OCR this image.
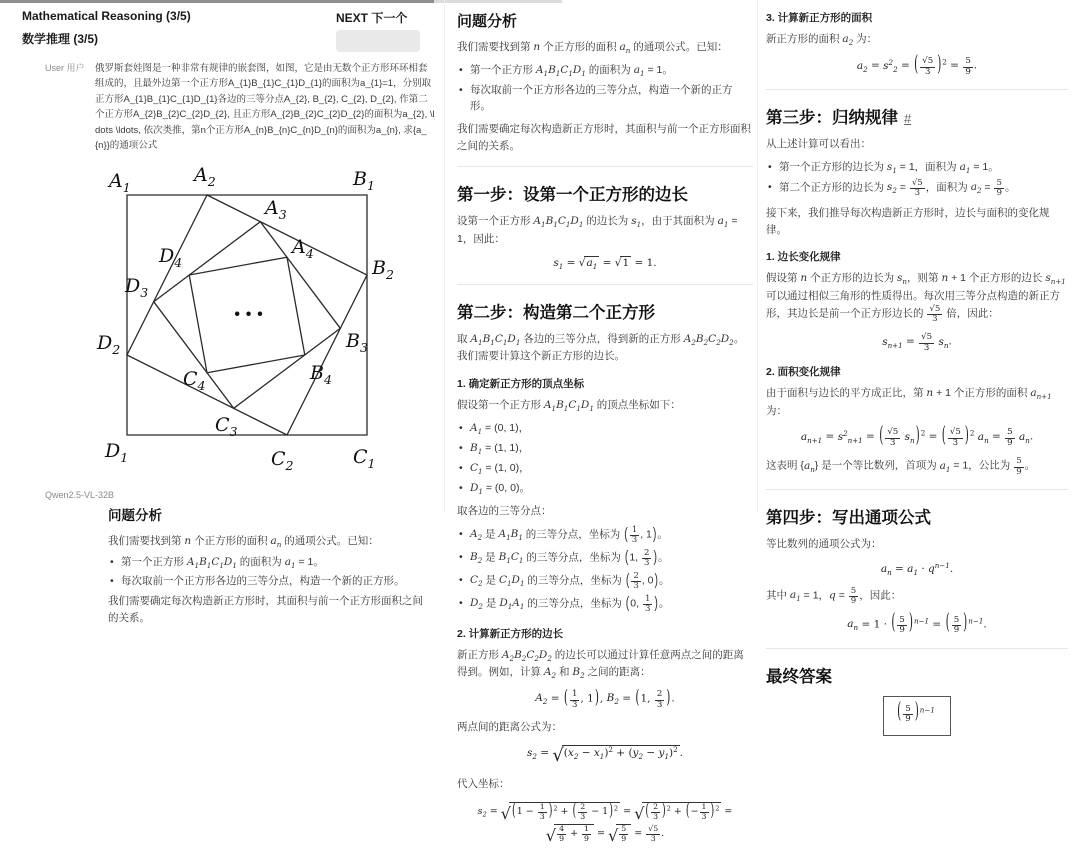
Mathematical Reasoning (3/5)
数学推理 (3/5)
NEXT 下一个
User 用户	俄罗斯套娃图是一种非常有规律的嵌套图，如图，它是由无数个正方形环环相套组成的，且最外边第一个正方形A_{1}B_{1}C_{1}D_{1}的面积为a_{1}=1，分别取正方形A_{1}B_{1}C_{1}D_{1}各边的三等分点A_{2}, B_{2}, C_{2}, D_{2}, 作第二个正方形A_{2}B_{2}C_{2}D_{2}, 且正方形A_{2}B_{2}C_{2}D_{2}的面积为a_{2}, \ldots \ldots, 依次类推，第n个正方形A_{n}B_{n}C_{n}D_{n}的面积为a_{n}, 求{a_{n}}的通项公式
$A_1$
$A_2$	$B_1$
$A_3$
$A_4$
$B_2$
$D_4$
$D_3$
$D_2$	$B_3$
$C_4$
$B_4$
$C_3$
$D_1$	$C_2$	$C_1$
···
Qwen2.5-VL-32B
问题分析
我们需要找到第 n 个正方形的面积 $a_n$ 的通项公式。已知：
• 第一个正方形 $A_1B_1C_1D_1$ 的面积为 $a_1 = 1$。
• 每次取前一个正方形各边的三等分点，构造一个新的正方形。
我们需要确定每次构造新正方形时，其面积与前一个正方形面积之间的关系。
问题分析
我们需要找到第 n 个正方形的面积 $a_n$ 的通项公式。已知：
• 第一个正方形 $A_1B_1C_1D_1$ 的面积为 $a_1 = 1$。
• 每次取前一个正方形各边的三等分点，构造一个新的正方形。
我们需要确定每次构造新正方形时，其面积与前一个正方形面积之间的关系。
第一步：设第一个正方形的边长
设第一个正方形 $A_1B_1C_1D_1$ 的边长为 $s_1$，由于其面积为 $a_1 = 1$，因此：
$s_1 = √a_1 = √1 = 1$.
第二步：构造第二个正方形
取 $A_1B_1C_1D_1$ 各边的三等分点，得到新的正方形 $A_2B_2C_2D_2$。我们需要计算这个新正方形的边长。
1. 确定新正方形的顶点坐标
假设第一个正方形 $A_1B_1C_1D_1$ 的顶点坐标如下：
• $A_1 = (0$, 1)，
• $B_1 = (1$, 1)，
• $C_1 = (1$, 0)，
• $D_1 = (0$, 0)。
取各边的三等分点：
• $A_2$ 是 $A_1B_1$ 的三等分点，坐标为 ( $\frac{1}{3}$ , 1)。
• $B_2$ 是 $B_1C_1$ 的三等分点，坐标为 (1, $\frac{2}{3}$ )。
• $C_2$ 是 $C_1D_1$ 的三等分点，坐标为 ( $\frac{2}{3}$ , 0)。
• $D_2$ 是 $D_1A_1$ 的三等分点，坐标为 (0, $\frac{1}{3}$ )。
2. 计算新正方形的边长
新正方形 $A_2B_2C_2D_2$ 的边长可以通过计算任意两点之间的距离得到。例如，计算 $A_2$ 和 $B_2$ 之间的距离：
$A_2$ = ( $\frac{1}{3}$ , 1), $B_2 = (1$, $\frac{2}{3}$ ).
两点间的距离公式为：
$s_2 = √(x_2 - x_1)^2 + (y_2 - y_1)^2$ .
代入坐标：
$s_2 = √(1 - \frac{1}{3} )^2$ + ( $\frac{2}{3} - 1)^2$ = √( $\frac{2}{3} )^2$ + (− $\frac{1}{3} )^2$ = √ $\frac{4}{9} + \frac{1}{9}$ = √ $\frac{5}{9} = \frac{√5}{3}$ .
3. 计算新正方形的面积
新正方形的面积 $a_2$ 为：
$a_2 = s^2_2$ = ( $\frac{√5}{3} )^2 = \frac{5}{9}$ .
第三步：归纳规律 #
从上述计算可以看出：
• 第一个正方形的边长为 $s_1 = 1$，面积为 $a_1 = 1$。
• 第二个正方形的边长为 $s_2 = \frac{√5}{3}$ ，面积为 $a_2 = \frac{5}{9}$ 。
接下来，我们推导每次构造新正方形时，边长与面积的变化规律。
1. 边长变化规律
假设第 n 个正方形的边长为 $s_n$，则第 n + 1 个正方形的边长 $s_{n+1}$ 可以通过相似三角形的性质得出。每次用三等分点构造的新正方形，其边长是前一个正方形边长的 $\frac{√5}{3}$ 倍，因此：
$s_{n+1} = \frac{√5}{3} s_n$.
2. 面积变化规律
由于面积与边长的平方成正比，第 n + 1 个正方形的面积 $a_{n+1}$ 为：
$a_{n+1} = s^2_{n+1}$ = ( $\frac{√5}{3} s_n)^2$ = ( $\frac{√5}{3} )^2$ $a_n = \frac{5}{9} a_n$.
这表明 $\{a_n\}$ 是一个等比数列，首项为 $a_1 = 1$，公比为 $\frac{5}{9}$ 。
第四步：写出通项公式
等比数列的通项公式为：
$a_n = a_1 \cdot q^{n-1}$.
其中 $a_1 = 1$，$q = \frac{5}{9}$ ，因此：
$a_n = 1$ · ( $\frac{5}{9} )^{n-1}$ = ( $\frac{5}{9} )^{n-1}$.
最终答案
( $\frac{5}{9} )^{n-1}$
